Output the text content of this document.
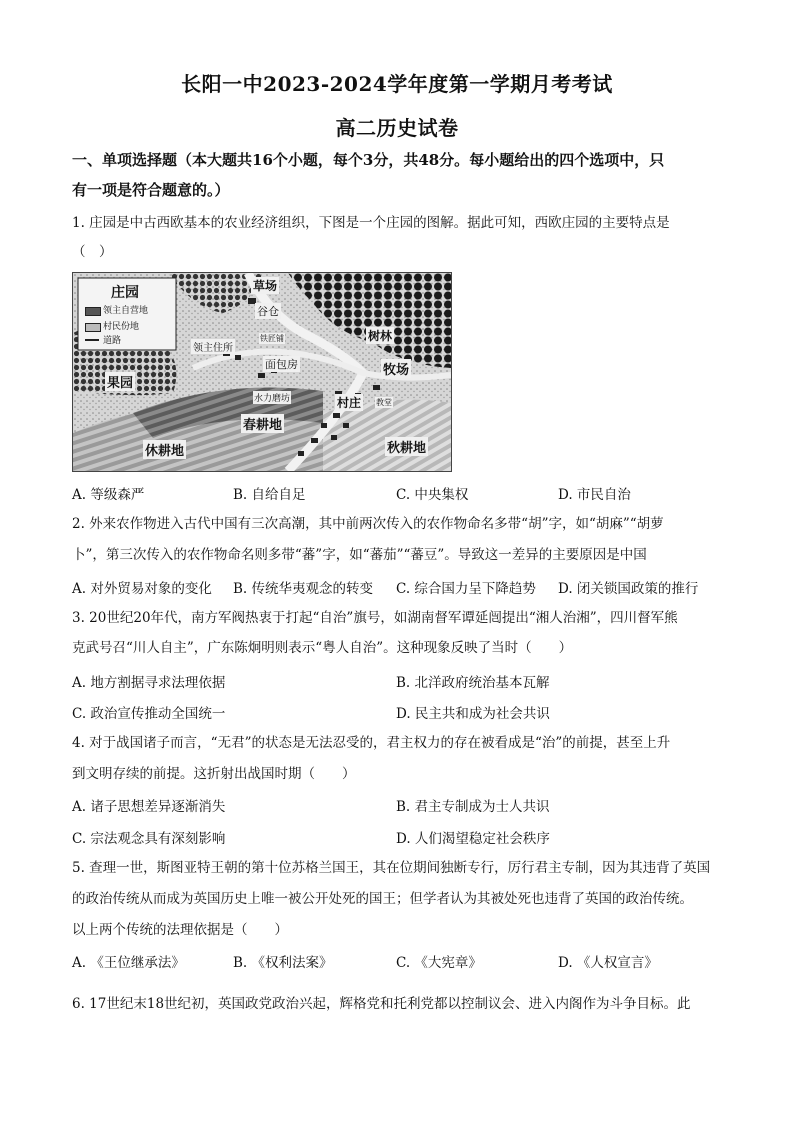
长阳一中2023-2024学年度第一学期月考考试
高二历史试卷
一、单项选择题（本大题共16个小题，每个3分，共48分。每小题给出的四个选项中，只
有一项是符合题意的。）
1. 庄园是中古西欧基本的农业经济组织，下图是一个庄园的图解。据此可知，西欧庄园的主要特点是
（　）
庄园
领主自营地
村民份地
道路
草场
谷仓
铁匠铺
领主住所
面包房
树林
牧场
果园
水力磨坊	村庄 教堂
春耕地
休耕地	秋耕地
A. 等级森严	B. 自给自足	C. 中央集权	D. 市民自治
2. 外来农作物进入古代中国有三次高潮，其中前两次传入的农作物命名多带“胡”字，如“胡麻”“胡萝
卜”，第三次传入的农作物命名则多带“蕃”字，如“蕃茄”“蕃豆”。导致这一差异的主要原因是中国
A. 对外贸易对象的变化 B. 传统华夷观念的转变 C. 综合国力呈下降趋势 D. 闭关锁国政策的推行
3. 20世纪20年代，南方军阀热衷于打起“自治”旗号，如湖南督军谭延闿提出“湘人治湘”，四川督军熊
克武号召“川人自主”，广东陈炯明则表示“粤人自治”。这种现象反映了当时（　　）
A. 地方割据寻求法理依据	B. 北洋政府统治基本瓦解
C. 政治宣传推动全国统一	D. 民主共和成为社会共识
4. 对于战国诸子而言，“无君”的状态是无法忍受的，君主权力的存在被看成是“治”的前提，甚至上升
到文明存续的前提。这折射出战国时期（　　）
A. 诸子思想差异逐渐消失	B. 君主专制成为士人共识
C. 宗法观念具有深刻影响	D. 人们渴望稳定社会秩序
5. 查理一世，斯图亚特王朝的第十位苏格兰国王，其在位期间独断专行，厉行君主专制，因为其违背了英国
的政治传统从而成为英国历史上唯一被公开处死的国王；但学者认为其被处死也违背了英国的政治传统。
以上两个传统的法理依据是（　　）
A. 《王位继承法》	B. 《权利法案》	C. 《大宪章》	D. 《人权宣言》
6. 17世纪末18世纪初，英国政党政治兴起，辉格党和托利党都以控制议会、进入内阁作为斗争目标。此
